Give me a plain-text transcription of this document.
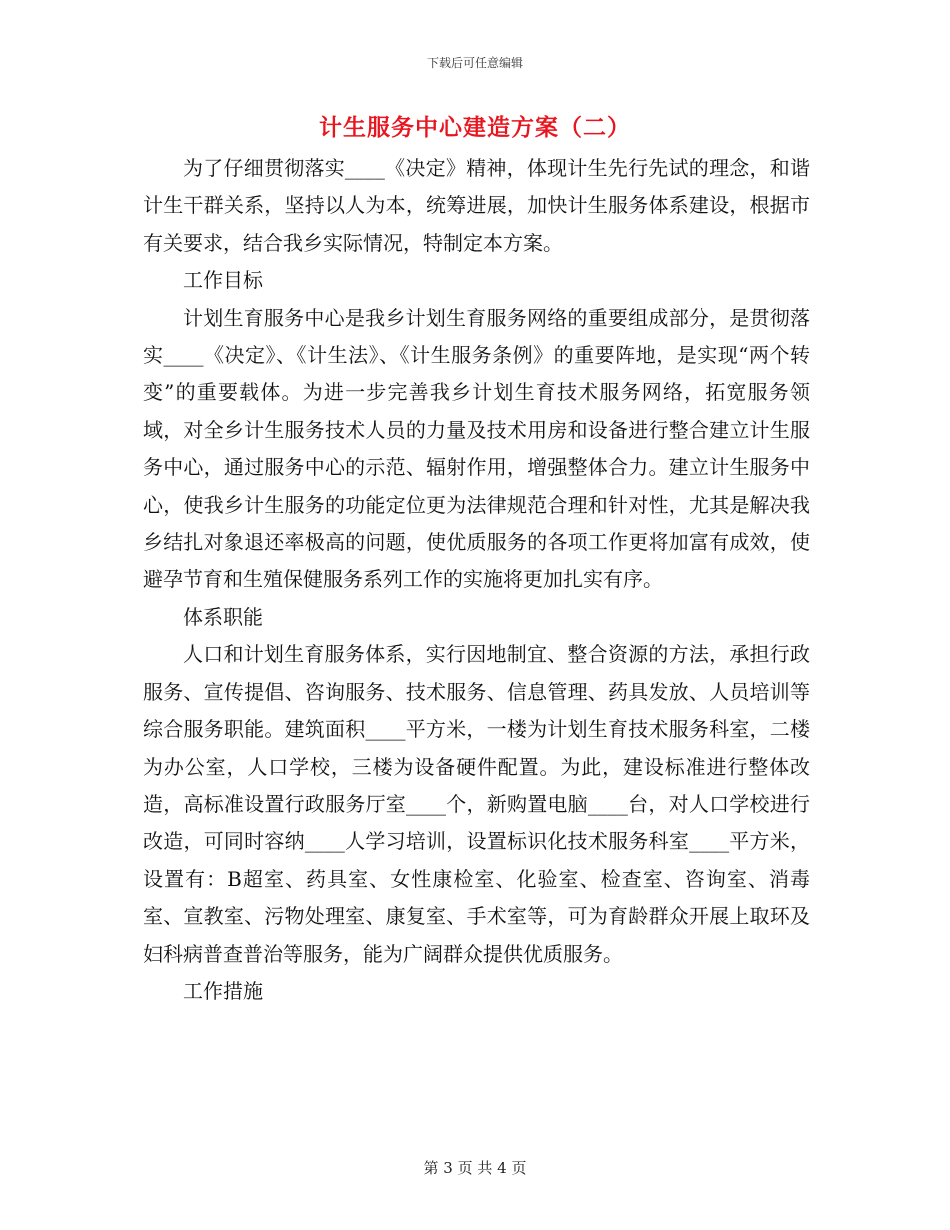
下载后可任意编辑
计生服务中心建造方案（二）

为了仔细贯彻落实____《决定》精神，体现计生先行先试的理念，和谐计生干群关系，坚持以人为本，统筹进展，加快计生服务体系建设，根据市有关要求，结合我乡实际情况，特制定本方案。

工作目标

计划生育服务中心是我乡计划生育服务网络的重要组成部分，是贯彻落实____《决定》、《计生法》、《计生服务条例》的重要阵地，是实现“两个转变”的重要载体。为进一步完善我乡计划生育技术服务网络，拓宽服务领域，对全乡计生服务技术人员的力量及技术用房和设备进行整合建立计生服务中心，通过服务中心的示范、辐射作用，增强整体合力。建立计生服务中心，使我乡计生服务的功能定位更为法律规范合理和针对性，尤其是解决我乡结扎对象退还率极高的问题，使优质服务的各项工作更将加富有成效，使避孕节育和生殖保健服务系列工作的实施将更加扎实有序。

体系职能

人口和计划生育服务体系，实行因地制宜、整合资源的方法，承担行政服务、宣传提倡、咨询服务、技术服务、信息管理、药具发放、人员培训等综合服务职能。建筑面积____平方米，一楼为计划生育技术服务科室，二楼为办公室，人口学校，三楼为设备硬件配置。为此，建设标准进行整体改造，高标准设置行政服务厅室____个，新购置电脑____台，对人口学校进行改造，可同时容纳____人学习培训，设置标识化技术服务科室____平方米，设置有：B超室、药具室、女性康检室、化验室、检查室、咨询室、消毒室、宣教室、污物处理室、康复室、手术室等，可为育龄群众开展上取环及妇科病普查普治等服务，能为广阔群众提供优质服务。

工作措施

第 3 页 共 4 页
